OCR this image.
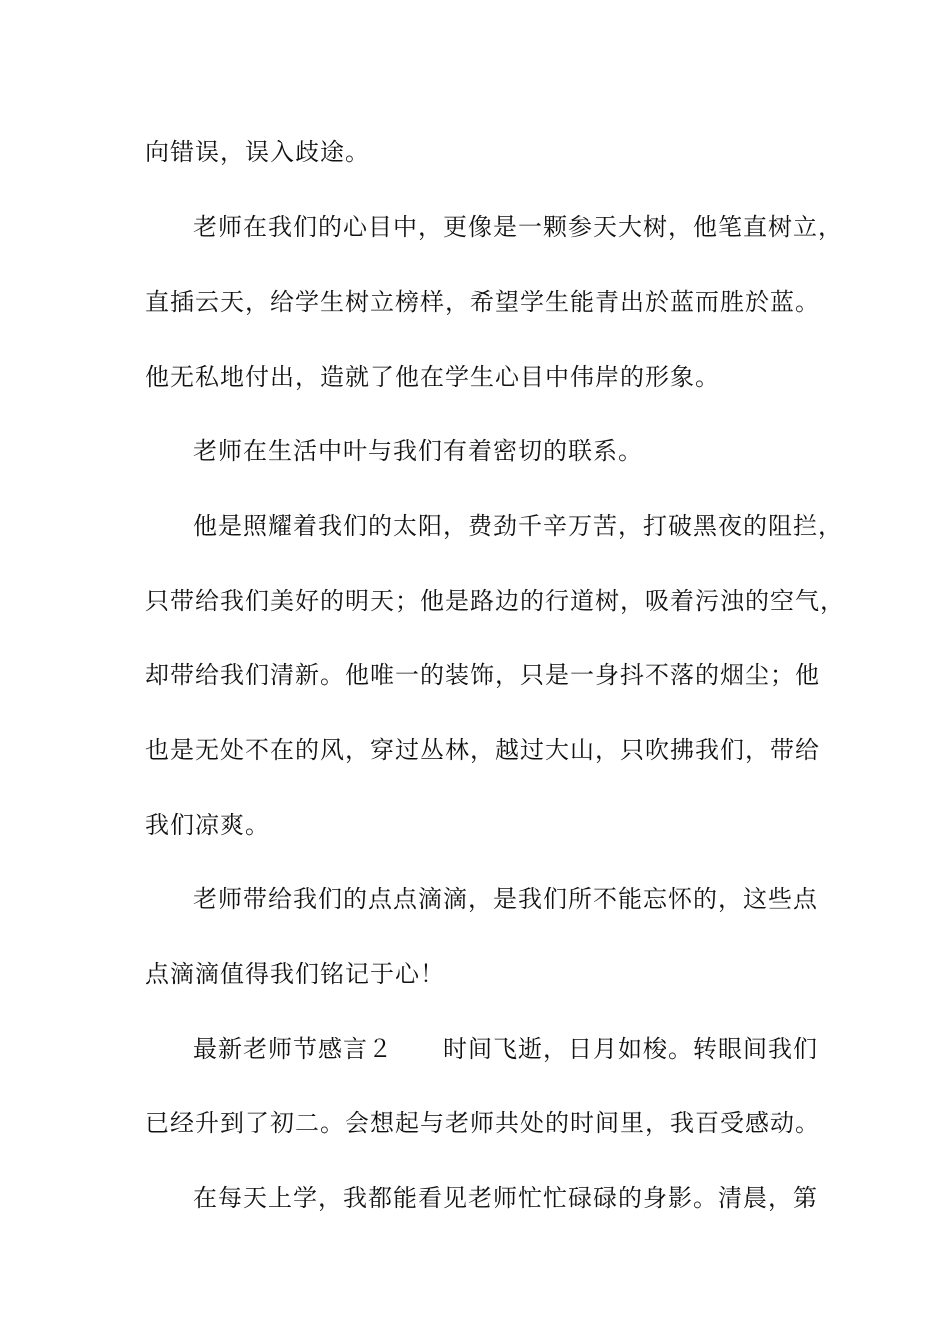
向错误，误入歧途。
老师在我们的心目中，更像是一颗参天大树，他笔直树立，
直插云天，给学生树立榜样，希望学生能青出於蓝而胜於蓝。
他无私地付出，造就了他在学生心目中伟岸的形象。
老师在生活中叶与我们有着密切的联系。
他是照耀着我们的太阳，费劲千辛万苦，打破黑夜的阻拦，
只带给我们美好的明天；他是路边的行道树，吸着污浊的空气，
却带给我们清新。他唯一的装饰，只是一身抖不落的烟尘；他
也是无处不在的风，穿过丛林，越过大山，只吹拂我们，带给
我们凉爽。
老师带给我们的点点滴滴，是我们所不能忘怀的，这些点
点滴滴值得我们铭记于心！
最新老师节感言２　　时间飞逝，日月如梭。转眼间我们
已经升到了初二。会想起与老师共处的时间里，我百受感动。
在每天上学，我都能看见老师忙忙碌碌的身影。清晨，第
